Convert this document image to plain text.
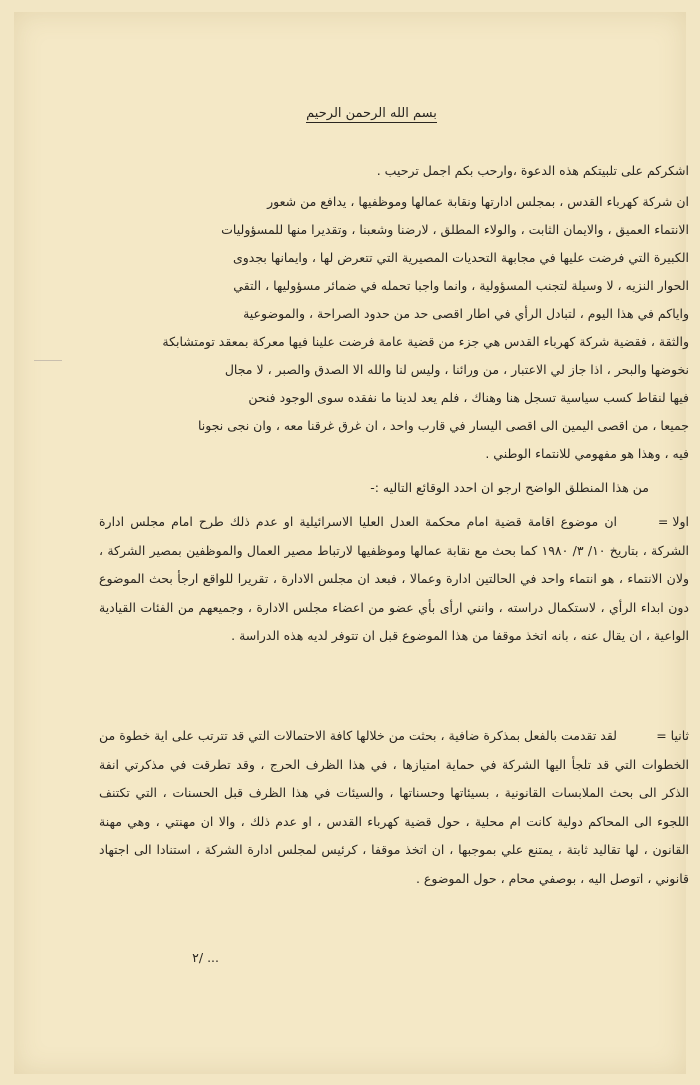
بسم الله الرحمن الرحيم
اشكركم على تلبيتكم هذه الدعوة ،وارحب بكم اجمل ترحيب .
ان شركة كهرباء القدس ، بمجلس ادارتها ونقابة عمالها وموظفيها ، يدافع من شعور
الانتماء العميق ، والايمان الثابت ، والولاء المطلق ، لارضنا وشعبنا ، وتقديرا منها للمسؤوليات
الكبيرة التي فرضت عليها في مجابهة التحديات المصيرية التي تتعرض لها ، وايمانها بجدوى
الحوار النزيه ، لا وسيلة لتجنب المسؤولية ، وانما واجبا تحمله في ضمائر مسؤوليها ، التقي
واياكم في هذا اليوم ، لتبادل الرأي في اطار اقصى حد من حدود الصراحة ، والموضوعية
والثقة ، فقضية شركة كهرباء القدس هي جزء من قضية عامة فرضت علينا فيها معركة بمعقد تومتشابكة
نخوضها والبحر ، اذا جاز لي الاعتبار ، من ورائنا ، وليس لنا والله الا الصدق والصبر ، لا مجال
فيها لنقاط كسب سياسية تسجل هنا وهناك ، فلم يعد لدينا ما نفقده سوى الوجود فنحن
جميعا ، من اقصى اليمين الى اقصى اليسار في قارب واحد ، ان غرق غرقنا معه ، وان نجى نجونا
فيه ، وهذا هو مفهومي للانتماء الوطني .
من هذا المنطلق الواضح ارجو ان احدد الوقائع التاليه :-
اولا =
ان موضوع اقامة قضية امام محكمة العدل العليا الاسرائيلية او عدم ذلك طرح امام مجلس ادارة الشركة ، بتاريخ ١٠/ ٣/ ١٩٨٠ كما بحث مع نقابة عمالها وموظفيها لارتباط مصير العمال والموظفين بمصير الشركة ، ولان الانتماء ، هو انتماء واحد في الحالتين ادارة وعمالا ، فبعد ان مجلس الادارة ، تقريرا للواقع ارجأ بحث الموضوع دون ابداء الرأي ، لاستكمال دراسته ، وانني ارأى بأي عضو من اعضاء مجلس الادارة ، وجميعهم من الفئات القيادية الواعية ، ان يقال عنه ، بانه اتخذ موقفا من هذا الموضوع قبل ان تتوفر لديه هذه الدراسة .
ثانيا =
لقد تقدمت بالفعل بمذكرة ضافية ، بحثت من خلالها كافة الاحتمالات التي قد تترتب على اية خطوة من الخطوات التي قد تلجأ اليها الشركة في حماية امتيازها ، في هذا الظرف الحرج ، وقد تطرقت في مذكرتي انفة الذكر الى بحث الملابسات القانونية ، بسيئاتها وحسناتها ، والسيئات في هذا الظرف قبل الحسنات ، التي تكتنف اللجوء الى المحاكم دولية كانت ام محلية ، حول قضية كهرباء القدس ، او عدم ذلك ، والا ان مهنتي ، وهي مهنة القانون ، لها تقاليد ثابتة ، يمتنع علي بموجبها ، ان اتخذ موقفا ، كرئيس لمجلس ادارة الشركة ، استنادا الى اجتهاد قانوني ، اتوصل اليه ، بوصفي محام ، حول الموضوع .
٢/ ...
